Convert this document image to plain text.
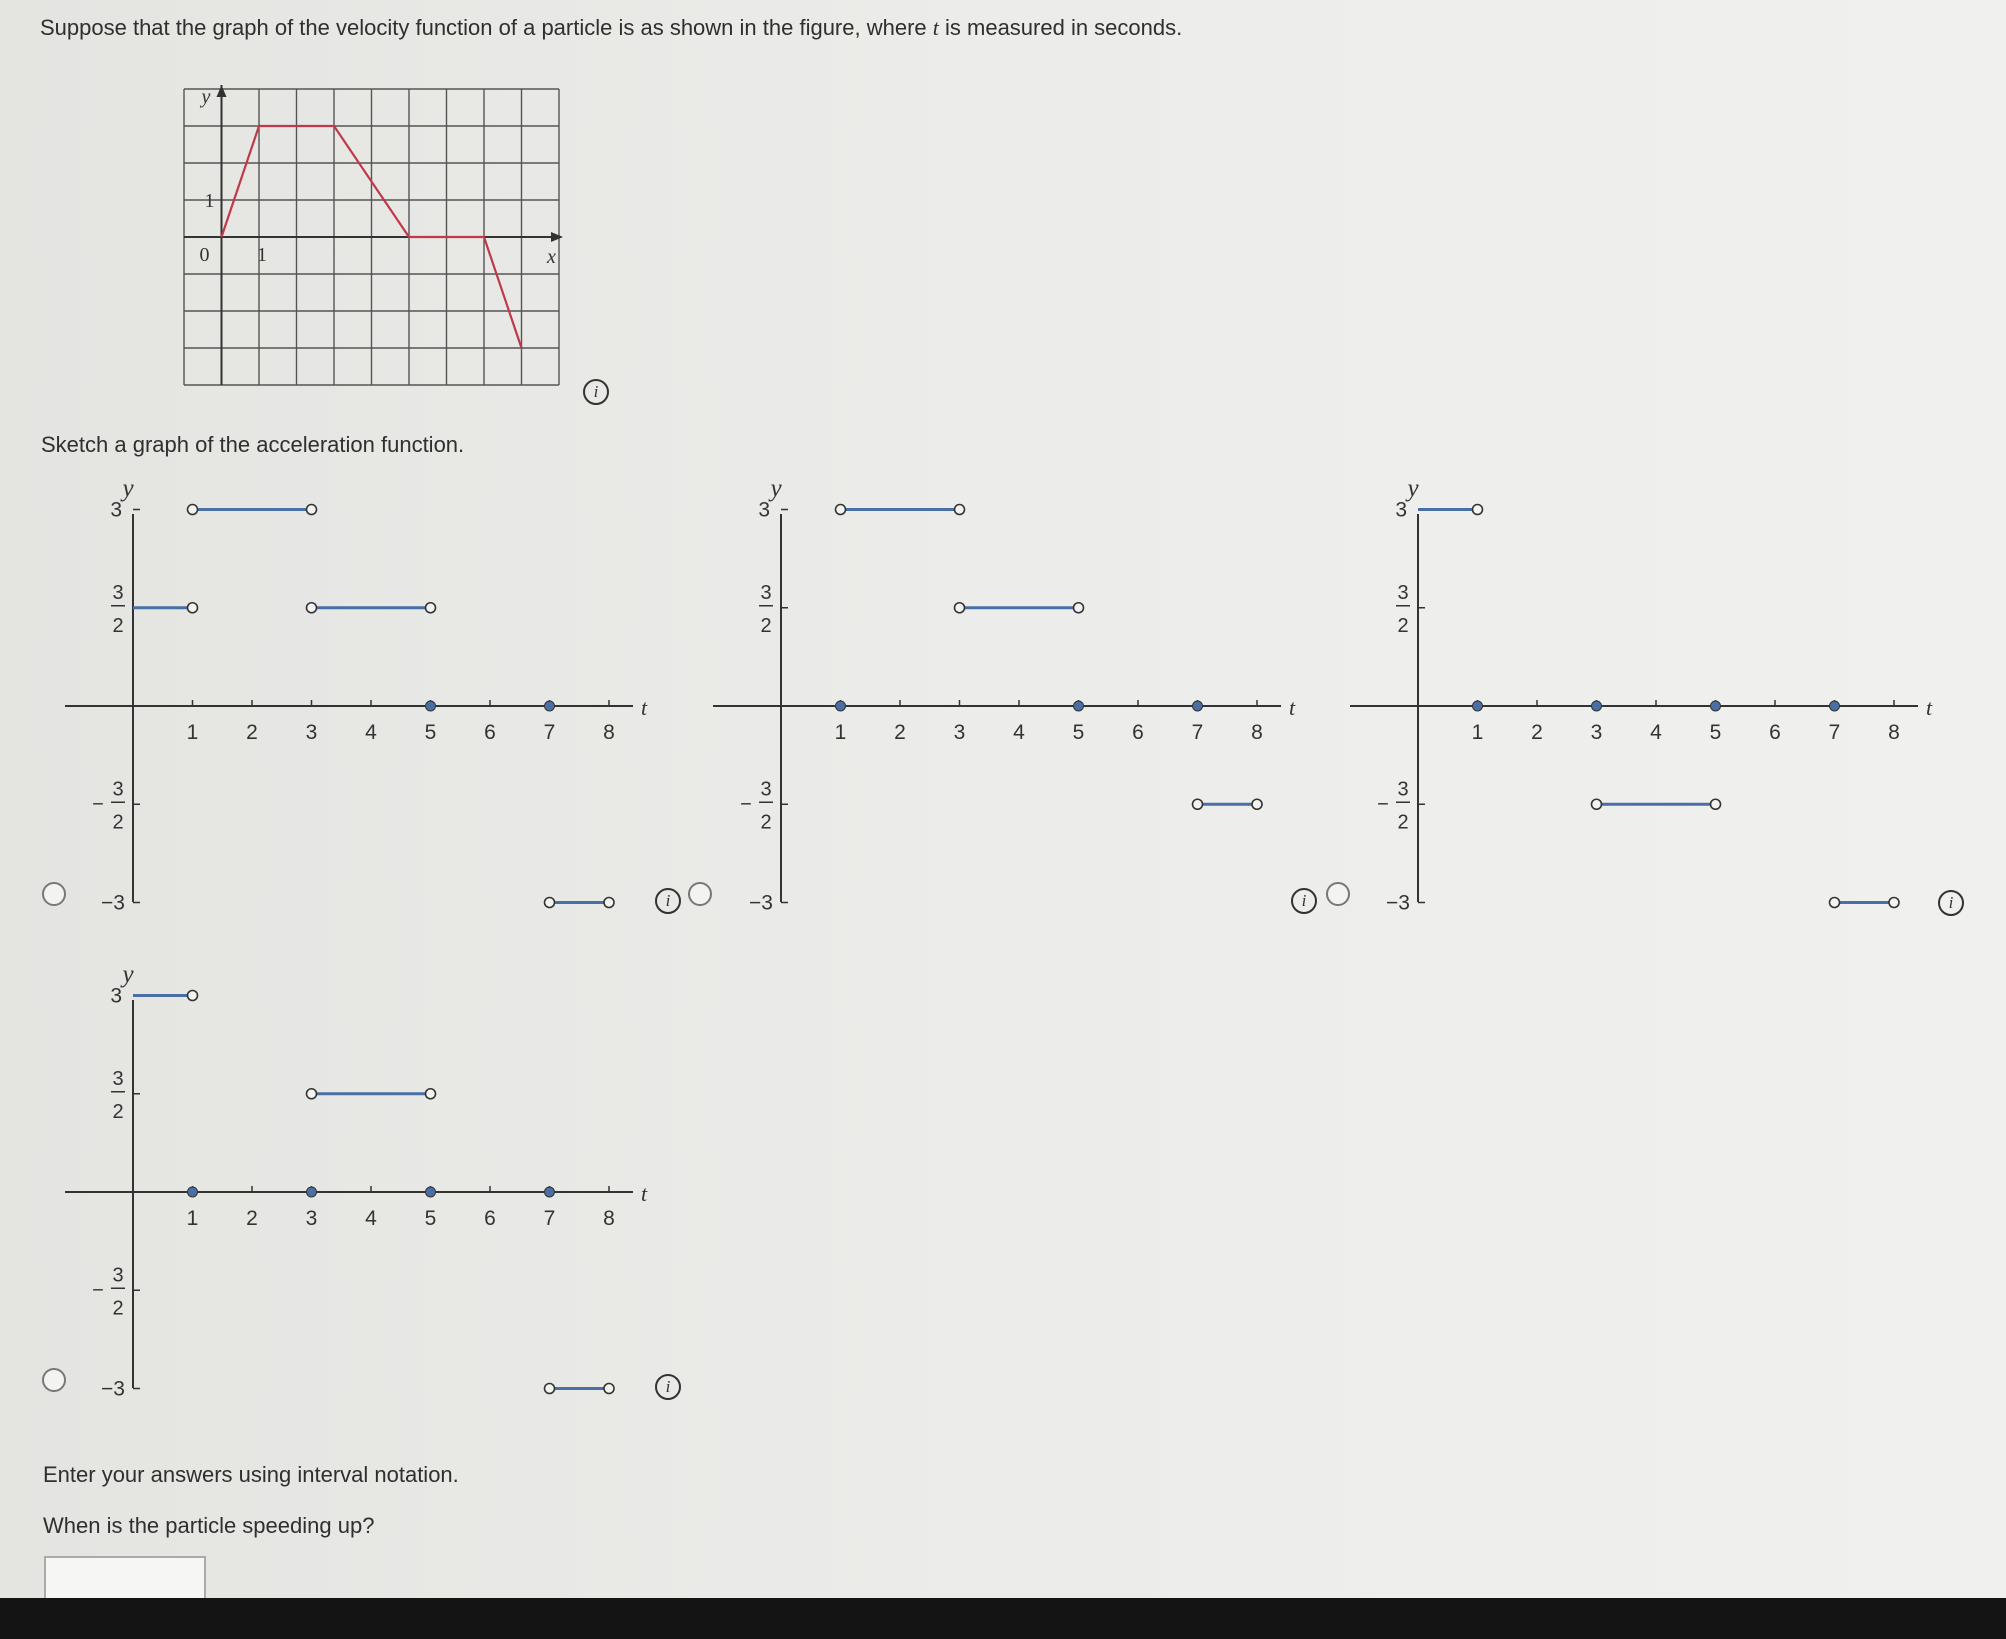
Suppose that the graph of the velocity function of a particle is as shown in the figure, where t is measured in seconds.
y
x
0 1
1
i
Sketch a graph of the acceleration function.
y
t
1 2 3 4 5 6 7 8
3
−3
3
2
3
2
−
y
t
1 2 3 4 5 6 7 8
3
−3
3
2
3
2
−
y
t
1 2 3 4 5 6 7 8
3
−3
3
2
3
2
−
y
t
1 2 3 4 5 6 7 8
3
−3
3
2
3
2
−
i	i	i
i
Enter your answers using interval notation.
When is the particle speeding up?
